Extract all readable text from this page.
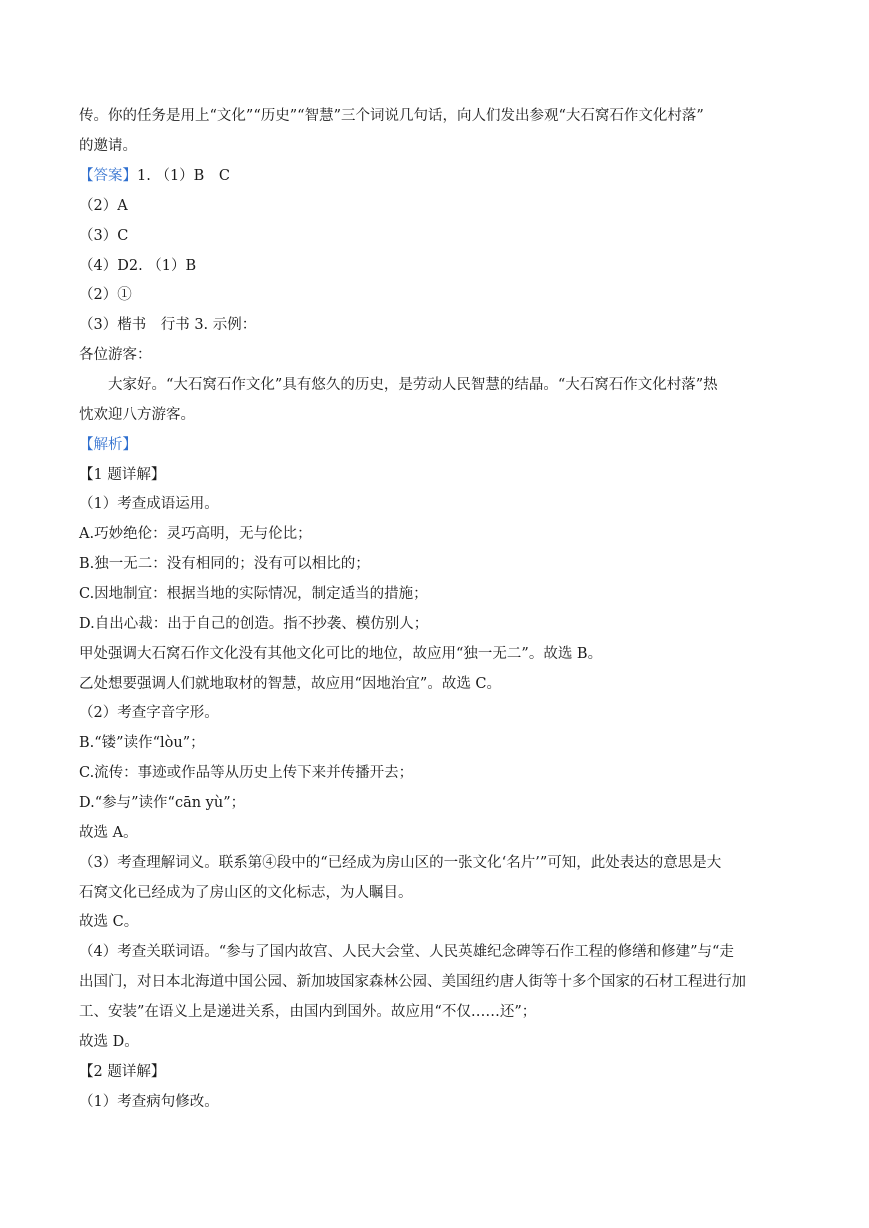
传。你的任务是用上“文化”“历史”“智慧”三个词说几句话，向人们发出参观“大石窝石作文化村落”
的邀请。
【答案】1. （1）B　C
（2）A
（3）C
（4）D2. （1）B
（2）①
（3）楷书　行书 3. 示例：
各位游客：
大家好。“大石窝石作文化”具有悠久的历史，是劳动人民智慧的结晶。“大石窝石作文化村落”热
忱欢迎八方游客。
【解析】
【1 题详解】
（1）考查成语运用。
A.巧妙绝伦：灵巧高明，无与伦比；
B.独一无二：没有相同的；没有可以相比的；
C.因地制宜：根据当地的实际情况，制定适当的措施；
D.自出心裁：出于自己的创造。指不抄袭、模仿别人；
甲处强调大石窝石作文化没有其他文化可比的地位，故应用“独一无二”。故选 B。
乙处想要强调人们就地取材的智慧，故应用“因地治宜”。故选 C。
（2）考查字音字形。
B.“镂”读作“lòu”；
C.流传：事迹或作品等从历史上传下来并传播开去；
D.“参与”读作“cān yù”；
故选 A。
（3）考查理解词义。联系第④段中的“已经成为房山区的一张文化‘名片’”可知，此处表达的意思是大
石窝文化已经成为了房山区的文化标志，为人瞩目。
故选 C。
（4）考查关联词语。“参与了国内故宫、人民大会堂、人民英雄纪念碑等石作工程的修缮和修建”与“走
出国门，对日本北海道中国公园、新加坡国家森林公园、美国纽约唐人街等十多个国家的石材工程进行加
工、安装”在语义上是递进关系，由国内到国外。故应用“不仅……还”；
故选 D。
【2 题详解】
（1）考查病句修改。
